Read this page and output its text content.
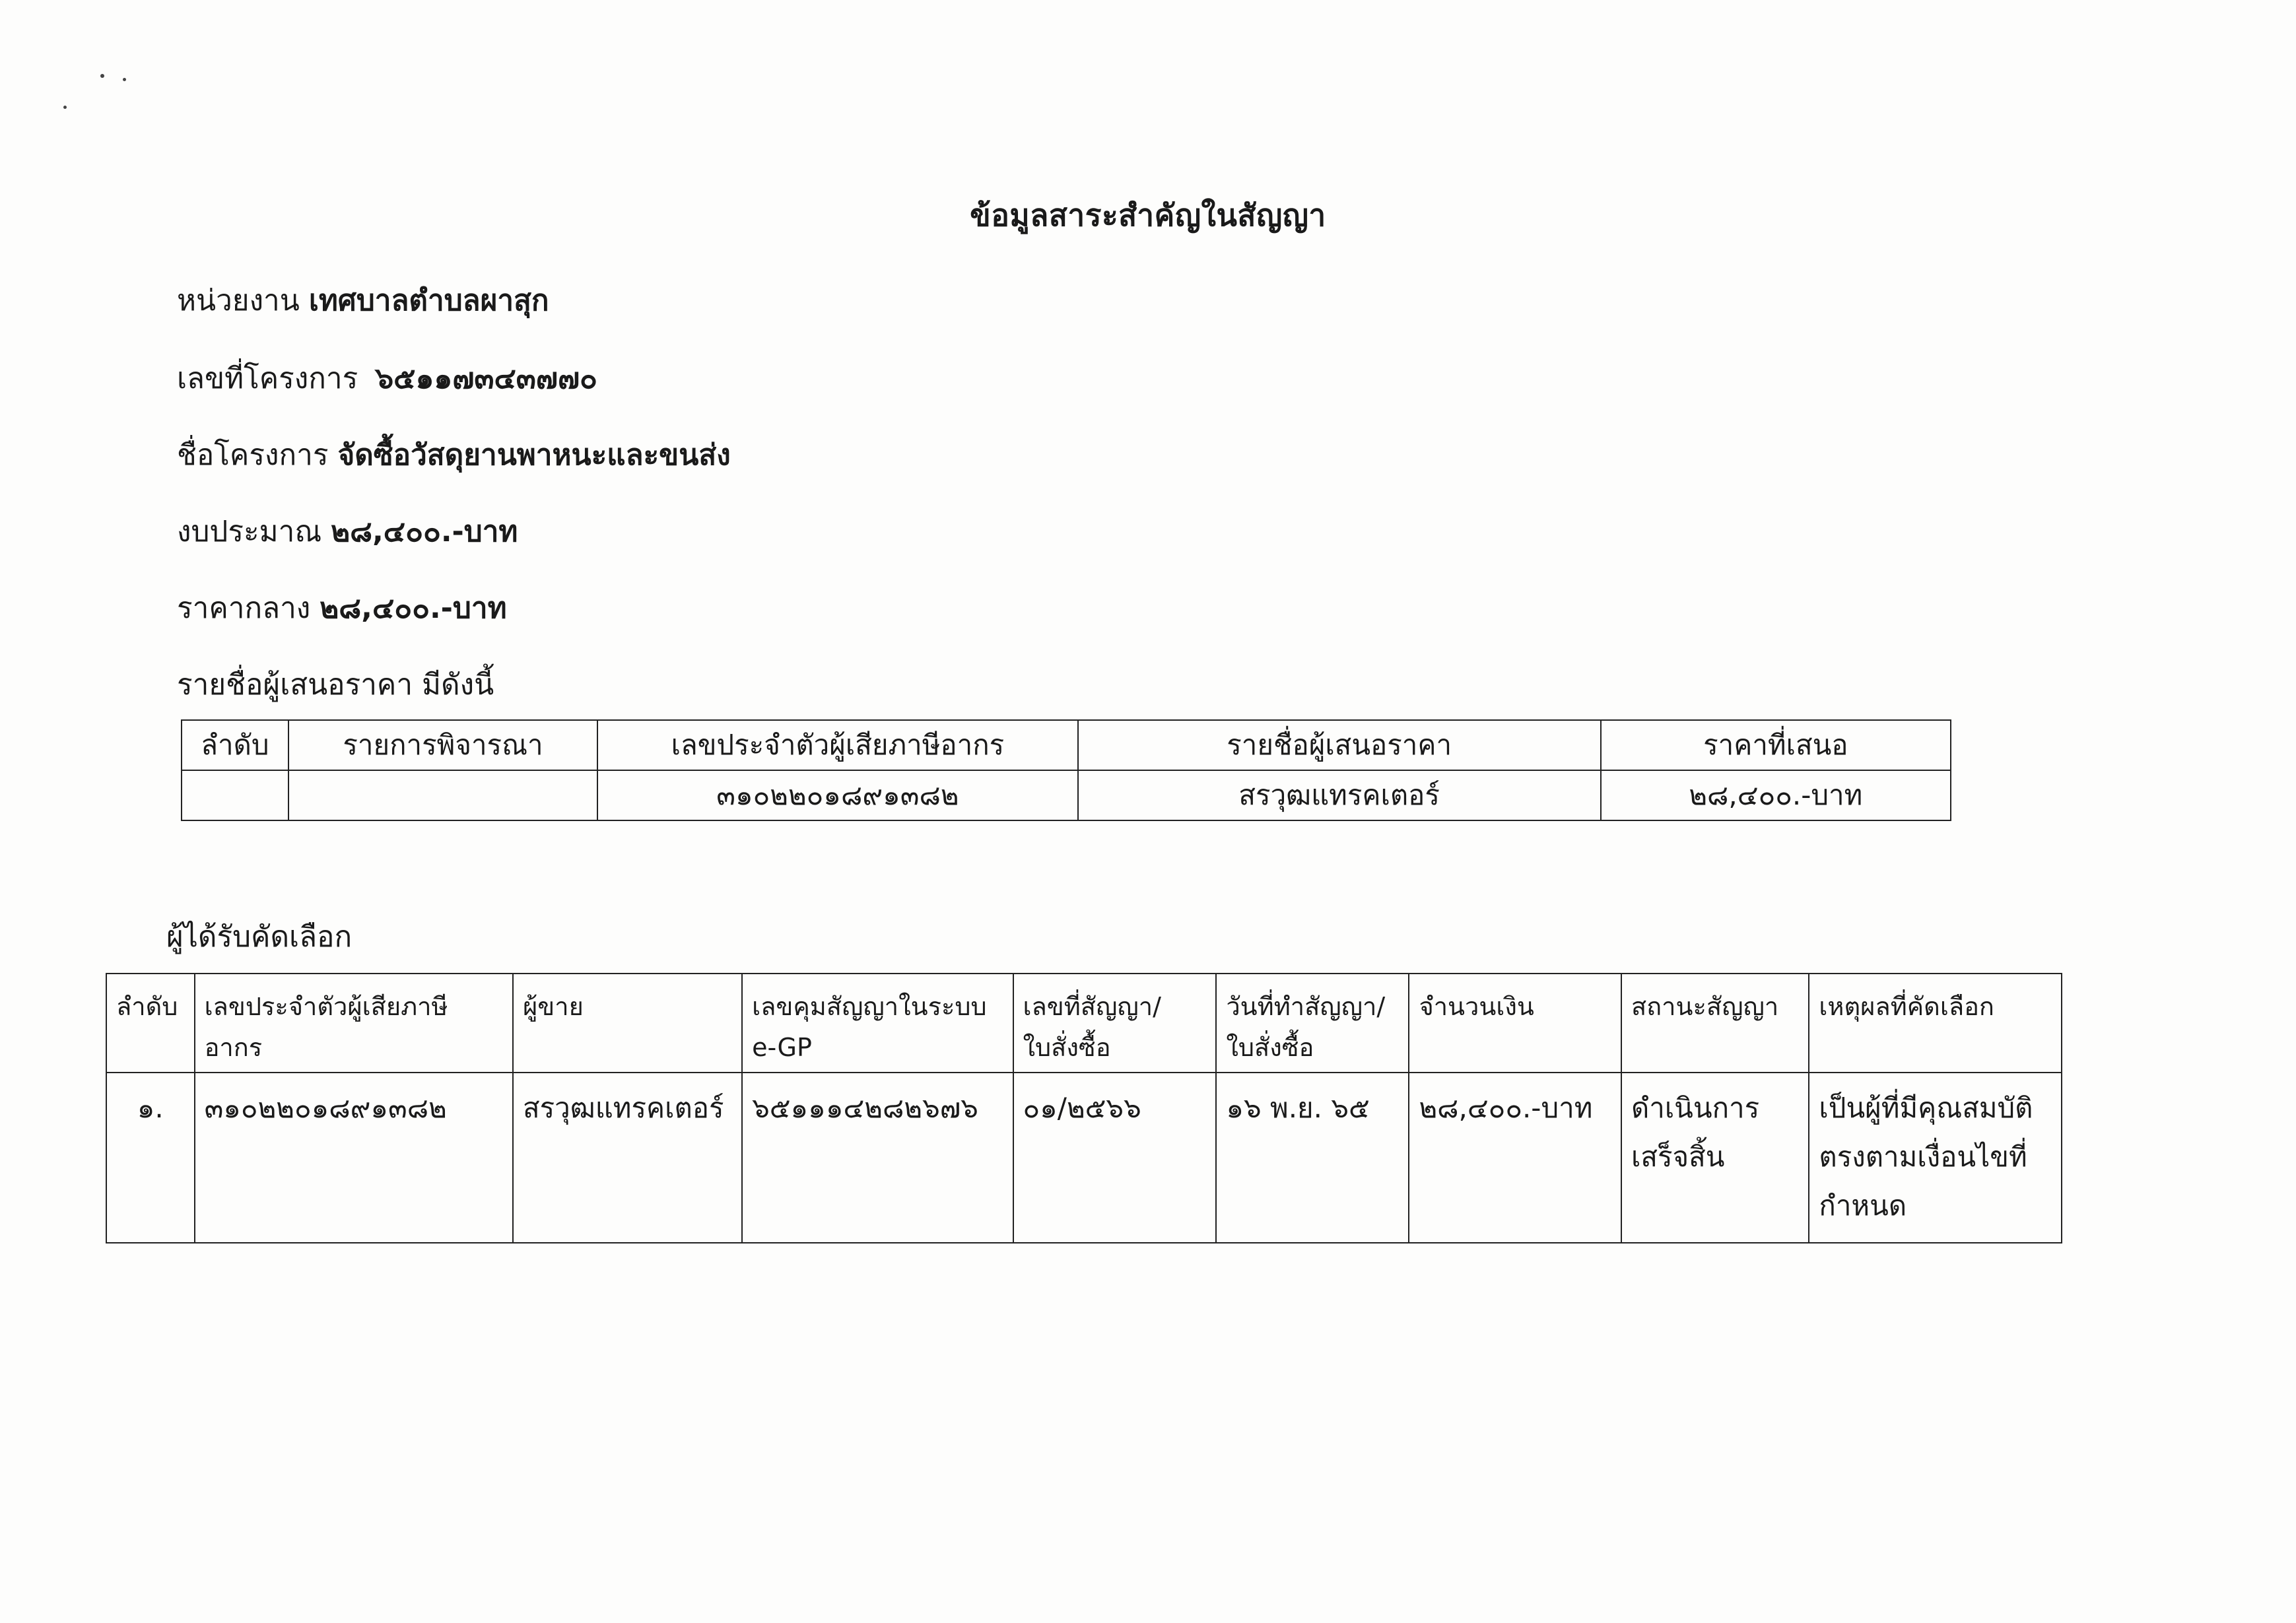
ข้อมูลสาระสำคัญในสัญญา
หน่วยงาน เทศบาลตำบลผาสุก
เลขที่โครงการ ๖๕๑๑๗๓๔๓๗๗๐
ชื่อโครงการ จัดซื้อวัสดุยานพาหนะและขนส่ง
งบประมาณ ๒๘,๔๐๐.-บาท
ราคากลาง ๒๘,๔๐๐.-บาท
รายชื่อผู้เสนอราคา มีดังนี้
ลำดับ	รายการพิจารณา	เลขประจำตัวผู้เสียภาษีอากร	รายชื่อผู้เสนอราคา	ราคาที่เสนอ
		๓๑๐๒๒๐๑๘๙๑๓๘๒	สรวุฒแทรคเตอร์	๒๘,๔๐๐.-บาท
ผู้ได้รับคัดเลือก
ลำดับ	เลขประจำตัวผู้เสียภาษีอากร	ผู้ขาย	เลขคุมสัญญาในระบบ e-GP	เลขที่สัญญา/ ใบสั่งซื้อ	วันที่ทำสัญญา/ ใบสั่งซื้อ	จำนวนเงิน	สถานะสัญญา	เหตุผลที่คัดเลือก
๑.	๓๑๐๒๒๐๑๘๙๑๓๘๒	สรวุฒแทรคเตอร์	๖๕๑๑๑๔๒๘๒๖๗๖	๐๑/๒๕๖๖	๑๖ พ.ย. ๖๕	๒๘,๔๐๐.-บาท	ดำเนินการเสร็จสิ้น	เป็นผู้ที่มีคุณสมบัติตรงตามเงื่อนไขที่กำหนด
